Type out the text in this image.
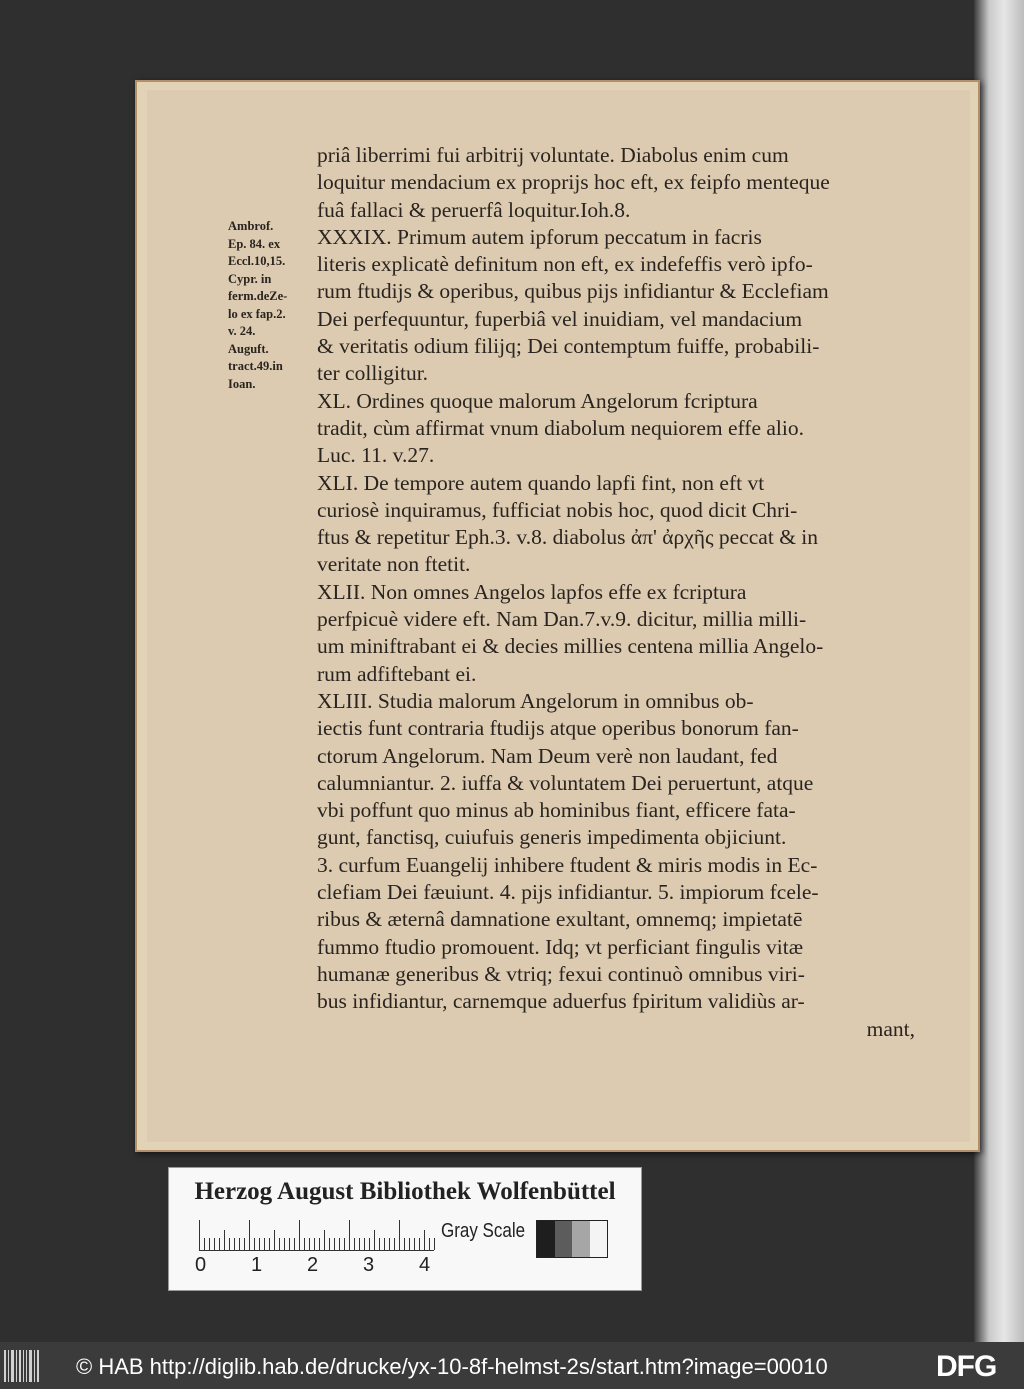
Ambrof.
Ep. 84. ex
Eccl.10,15.
Cypr. in
ferm.deZe-
lo ex fap.2.
v. 24.
Auguft.
tract.49.in
Ioan.
priâ liberrimi fui arbitrij voluntate. Diabolus enim cum
loquitur mendacium ex proprijs hoc eft, ex feipfo menteque
fuâ fallaci & peruerfâ loquitur.Ioh.8.
XXXIX. Primum autem ipforum peccatum in facris
literis explicatè definitum non eft, ex indefeffis verò ipfo-
rum ftudijs & operibus, quibus pijs infidiantur & Ecclefiam
Dei perfequuntur, fuperbiâ vel inuidiam, vel mandacium
& veritatis odium filijq; Dei contemptum fuiffe, probabili-
ter colligitur.
XL. Ordines quoque malorum Angelorum fcriptura
tradit, cùm affirmat vnum diabolum nequiorem effe alio.
Luc. 11. v.27.
XLI. De tempore autem quando lapfi fint, non eft vt
curiosè inquiramus, fufficiat nobis hoc, quod dicit Chri-
ftus & repetitur Eph.3. v.8. diabolus ἀπ' ἀρχῆς peccat & in
veritate non ftetit.
XLII. Non omnes Angelos lapfos effe ex fcriptura
perfpicuè videre eft. Nam Dan.7.v.9. dicitur, millia milli-
um miniftrabant ei & decies millies centena millia Angelo-
rum adfiftebant ei.
XLIII. Studia malorum Angelorum in omnibus ob-
iectis funt contraria ftudijs atque operibus bonorum fan-
ctorum Angelorum. Nam Deum verè non laudant, fed
calumniantur. 2. iuffa & voluntatem Dei peruertunt, atque
vbi poffunt quo minus ab hominibus fiant, efficere fata-
gunt, fanctisq, cuiufuis generis impedimenta objiciunt.
3. curfum Euangelij inhibere ftudent & miris modis in Ec-
clefiam Dei fæuiunt. 4. pijs infidiantur. 5. impiorum fcele-
ribus & æternâ damnatione exultant, omnemq; impietatē
fummo ftudio promouent. Idq; vt perficiant fingulis vitæ
humanæ generibus & vtriq; fexui continuò omnibus viri-
bus infidiantur, carnemque aduerfus fpiritum validiùs ar-
mant,
Herzog August Bibliothek Wolfenbüttel
0 1 2 3 4
Gray Scale
© HAB http://diglib.hab.de/drucke/yx-10-8f-helmst-2s/start.htm?image=00010	DFG
